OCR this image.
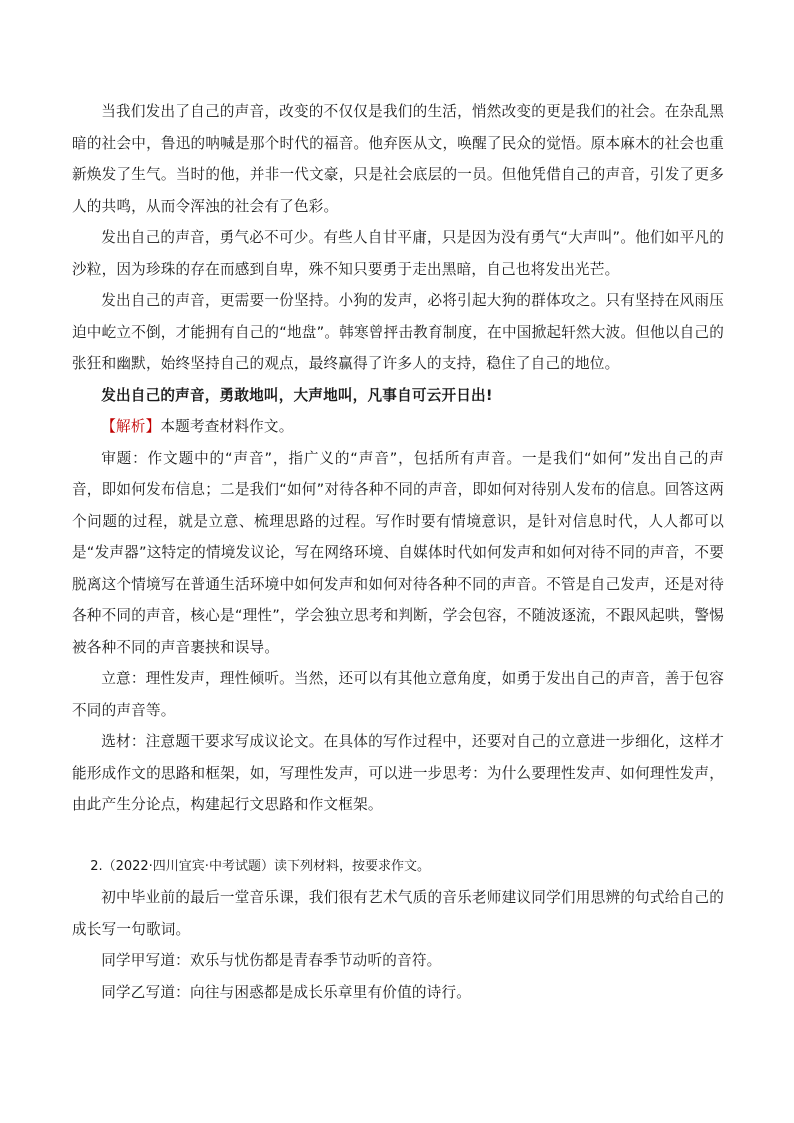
当我们发出了自己的声音，改变的不仅仅是我们的生活，悄然改变的更是我们的社会。在杂乱黑暗的社会中，鲁迅的呐喊是那个时代的福音。他弃医从文，唤醒了民众的觉悟。原本麻木的社会也重新焕发了生气。当时的他，并非一代文豪，只是社会底层的一员。但他凭借自己的声音，引发了更多人的共鸣，从而令浑浊的社会有了色彩。

发出自己的声音，勇气必不可少。有些人自甘平庸，只是因为没有勇气“大声叫”。他们如平凡的沙粒，因为珍珠的存在而感到自卑，殊不知只要勇于走出黑暗，自己也将发出光芒。

发出自己的声音，更需要一份坚持。小狗的发声，必将引起大狗的群体攻之。只有坚持在风雨压迫中屹立不倒，才能拥有自己的“地盘”。韩寒曾抨击教育制度，在中国掀起轩然大波。但他以自己的张狂和幽默，始终坚持自己的观点，最终赢得了许多人的支持，稳住了自己的地位。

发出自己的声音，勇敢地叫，大声地叫，凡事自可云开日出!

【解析】本题考查材料作文。

审题：作文题中的“声音”，指广义的“声音”，包括所有声音。一是我们“如何”发出自己的声音，即如何发布信息；二是我们“如何”对待各种不同的声音，即如何对待别人发布的信息。回答这两个问题的过程，就是立意、梳理思路的过程。写作时要有情境意识，是针对信息时代，人人都可以是“发声器”这特定的情境发议论，写在网络环境、自媒体时代如何发声和如何对待不同的声音，不要脱离这个情境写在普通生活环境中如何发声和如何对待各种不同的声音。不管是自己发声，还是对待各种不同的声音，核心是“理性”，学会独立思考和判断，学会包容，不随波逐流，不跟风起哄，警惕被各种不同的声音裹挟和误导。

立意：理性发声，理性倾听。当然，还可以有其他立意角度，如勇于发出自己的声音，善于包容不同的声音等。

选材：注意题干要求写成议论文。在具体的写作过程中，还要对自己的立意进一步细化，这样才能形成作文的思路和框架，如，写理性发声，可以进一步思考：为什么要理性发声、如何理性发声，由此产生分论点，构建起行文思路和作文框架。

2.（2022·四川宜宾·中考试题）读下列材料，按要求作文。

初中毕业前的最后一堂音乐课，我们很有艺术气质的音乐老师建议同学们用思辨的句式给自己的成长写一句歌词。

同学甲写道：欢乐与忧伤都是青春季节动听的音符。

同学乙写道：向往与困惑都是成长乐章里有价值的诗行。
